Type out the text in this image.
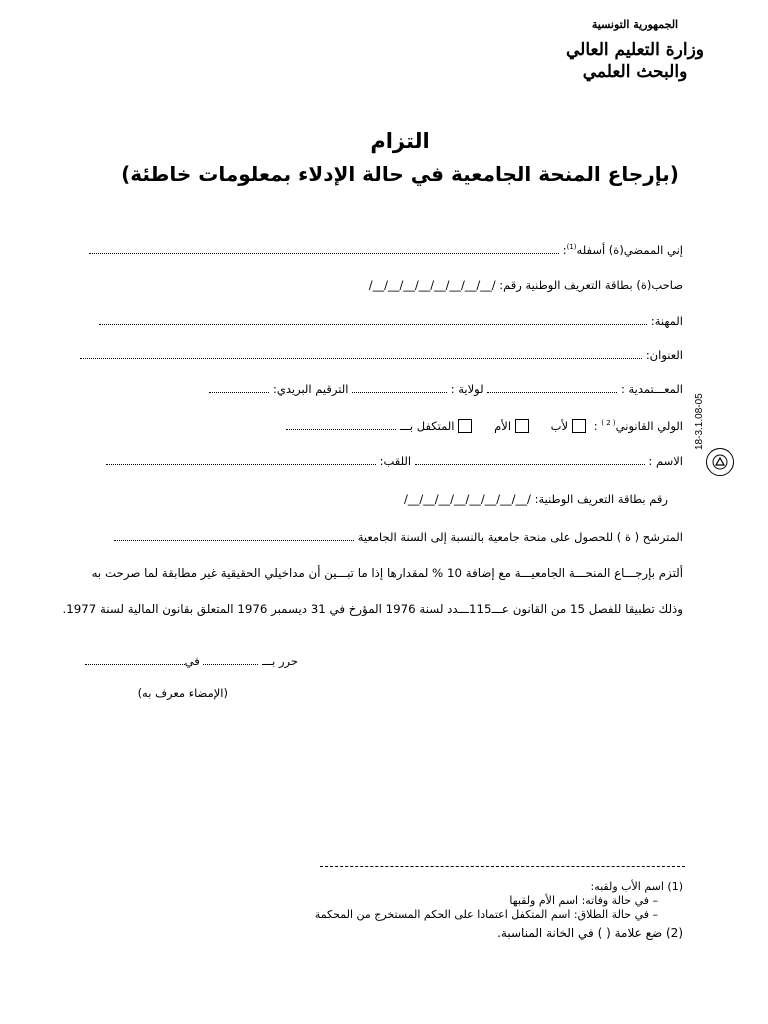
الجمهورية التونسية
وزارة التعليم العالي
والبحث العلمي
التزام
(بإرجاع المنحة الجامعية في حالة الإدلاء بمعلومات خاطئة)
إني الممضي(ة) أسفله$^{(1)}$:
صاحب(ة) بطاقة التعريف الوطنية رقم: /__/__/__/__/__/__/__/__/
المهنة:
العنوان:
المعـــتمدية :  لولاية :  الترقيم البريدي:
الولي القانوني$^{( 2 )}$ : لأب الأم المتكفل بـــ
الاسم :  اللقب:
رقم بطاقة التعريف الوطنية: /__/__/__/__/__/__/__/__/
المترشح ( ة ) للحصول على منحة جامعية بالنسبة إلى السنة الجامعية
ألتزم بإرجـــاع المنحـــة الجامعيـــة مع إضافة 10 % لمقدارها إذا ما تبـــين أن مداخيلي الحقيقية غير مطابقة لما صرحت به
وذلك تطبيقا للفصل 15 من القانون عـــ115ـــدد لسنة 1976 المؤرخ في 31 ديسمبر 1976 المتعلق بقانون المالية لسنة 1977.
حرر بـــ  في
(الإمضاء معرف به)
18-3.1.08-05
(1) اسم الأب ولقبه:
– في حالة وفاته: اسم الأم ولقبها
– في حالة الطلاق: اسم المتكفل اعتمادا على الحكم المستخرج من المحكمة
(2) ضع علامة ( ) في الخانة المناسبة.
